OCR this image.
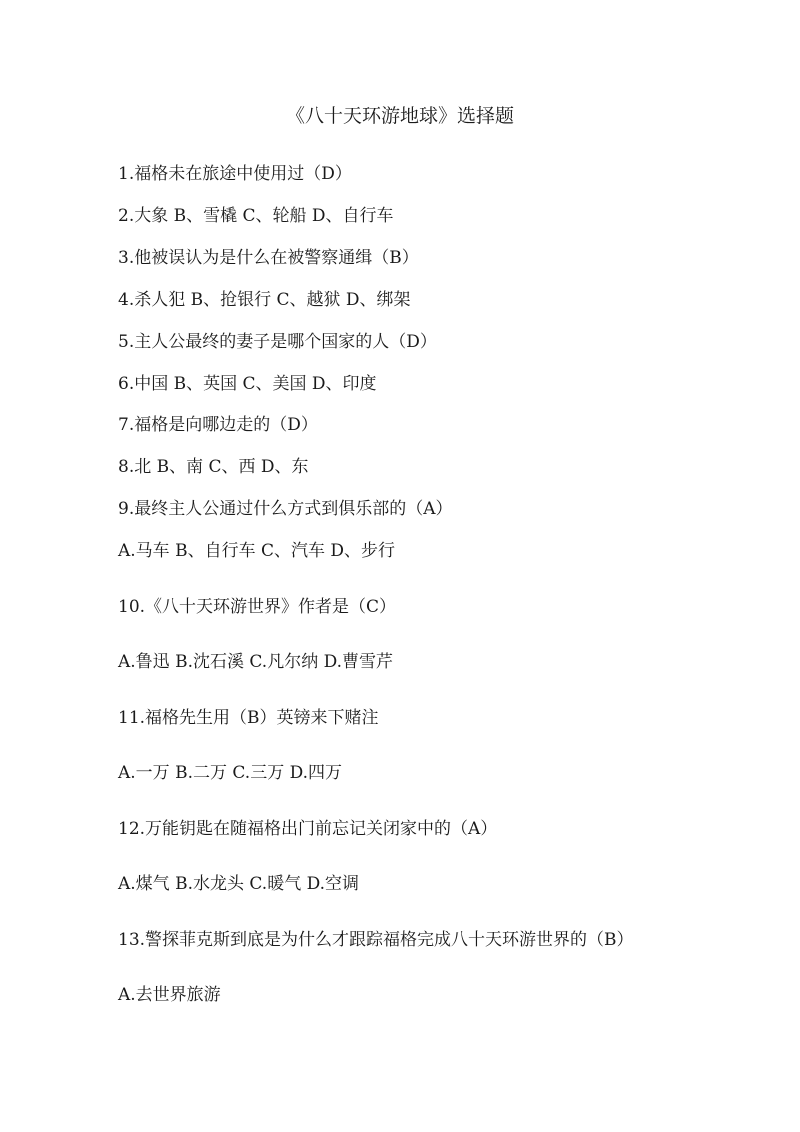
《八十天环游地球》选择题
1.福格未在旅途中使用过（D）
2.大象 B、雪橇 C、轮船 D、自行车
3.他被误认为是什么在被警察通缉（B）
4.杀人犯 B、抢银行 C、越狱 D、绑架
5.主人公最终的妻子是哪个国家的人（D）
6.中国 B、英国 C、美国 D、印度
7.福格是向哪边走的（D）
8.北 B、南 C、西 D、东
9.最终主人公通过什么方式到俱乐部的（A）
A.马车 B、自行车 C、汽车 D、步行
10.《八十天环游世界》作者是（C）
A.鲁迅 B.沈石溪 C.凡尔纳 D.曹雪芹
11.福格先生用（B）英镑来下赌注
A.一万 B.二万 C.三万 D.四万
12.万能钥匙在随福格出门前忘记关闭家中的（A）
A.煤气 B.水龙头 C.暖气 D.空调
13.警探菲克斯到底是为什么才跟踪福格完成八十天环游世界的（B）
A.去世界旅游
